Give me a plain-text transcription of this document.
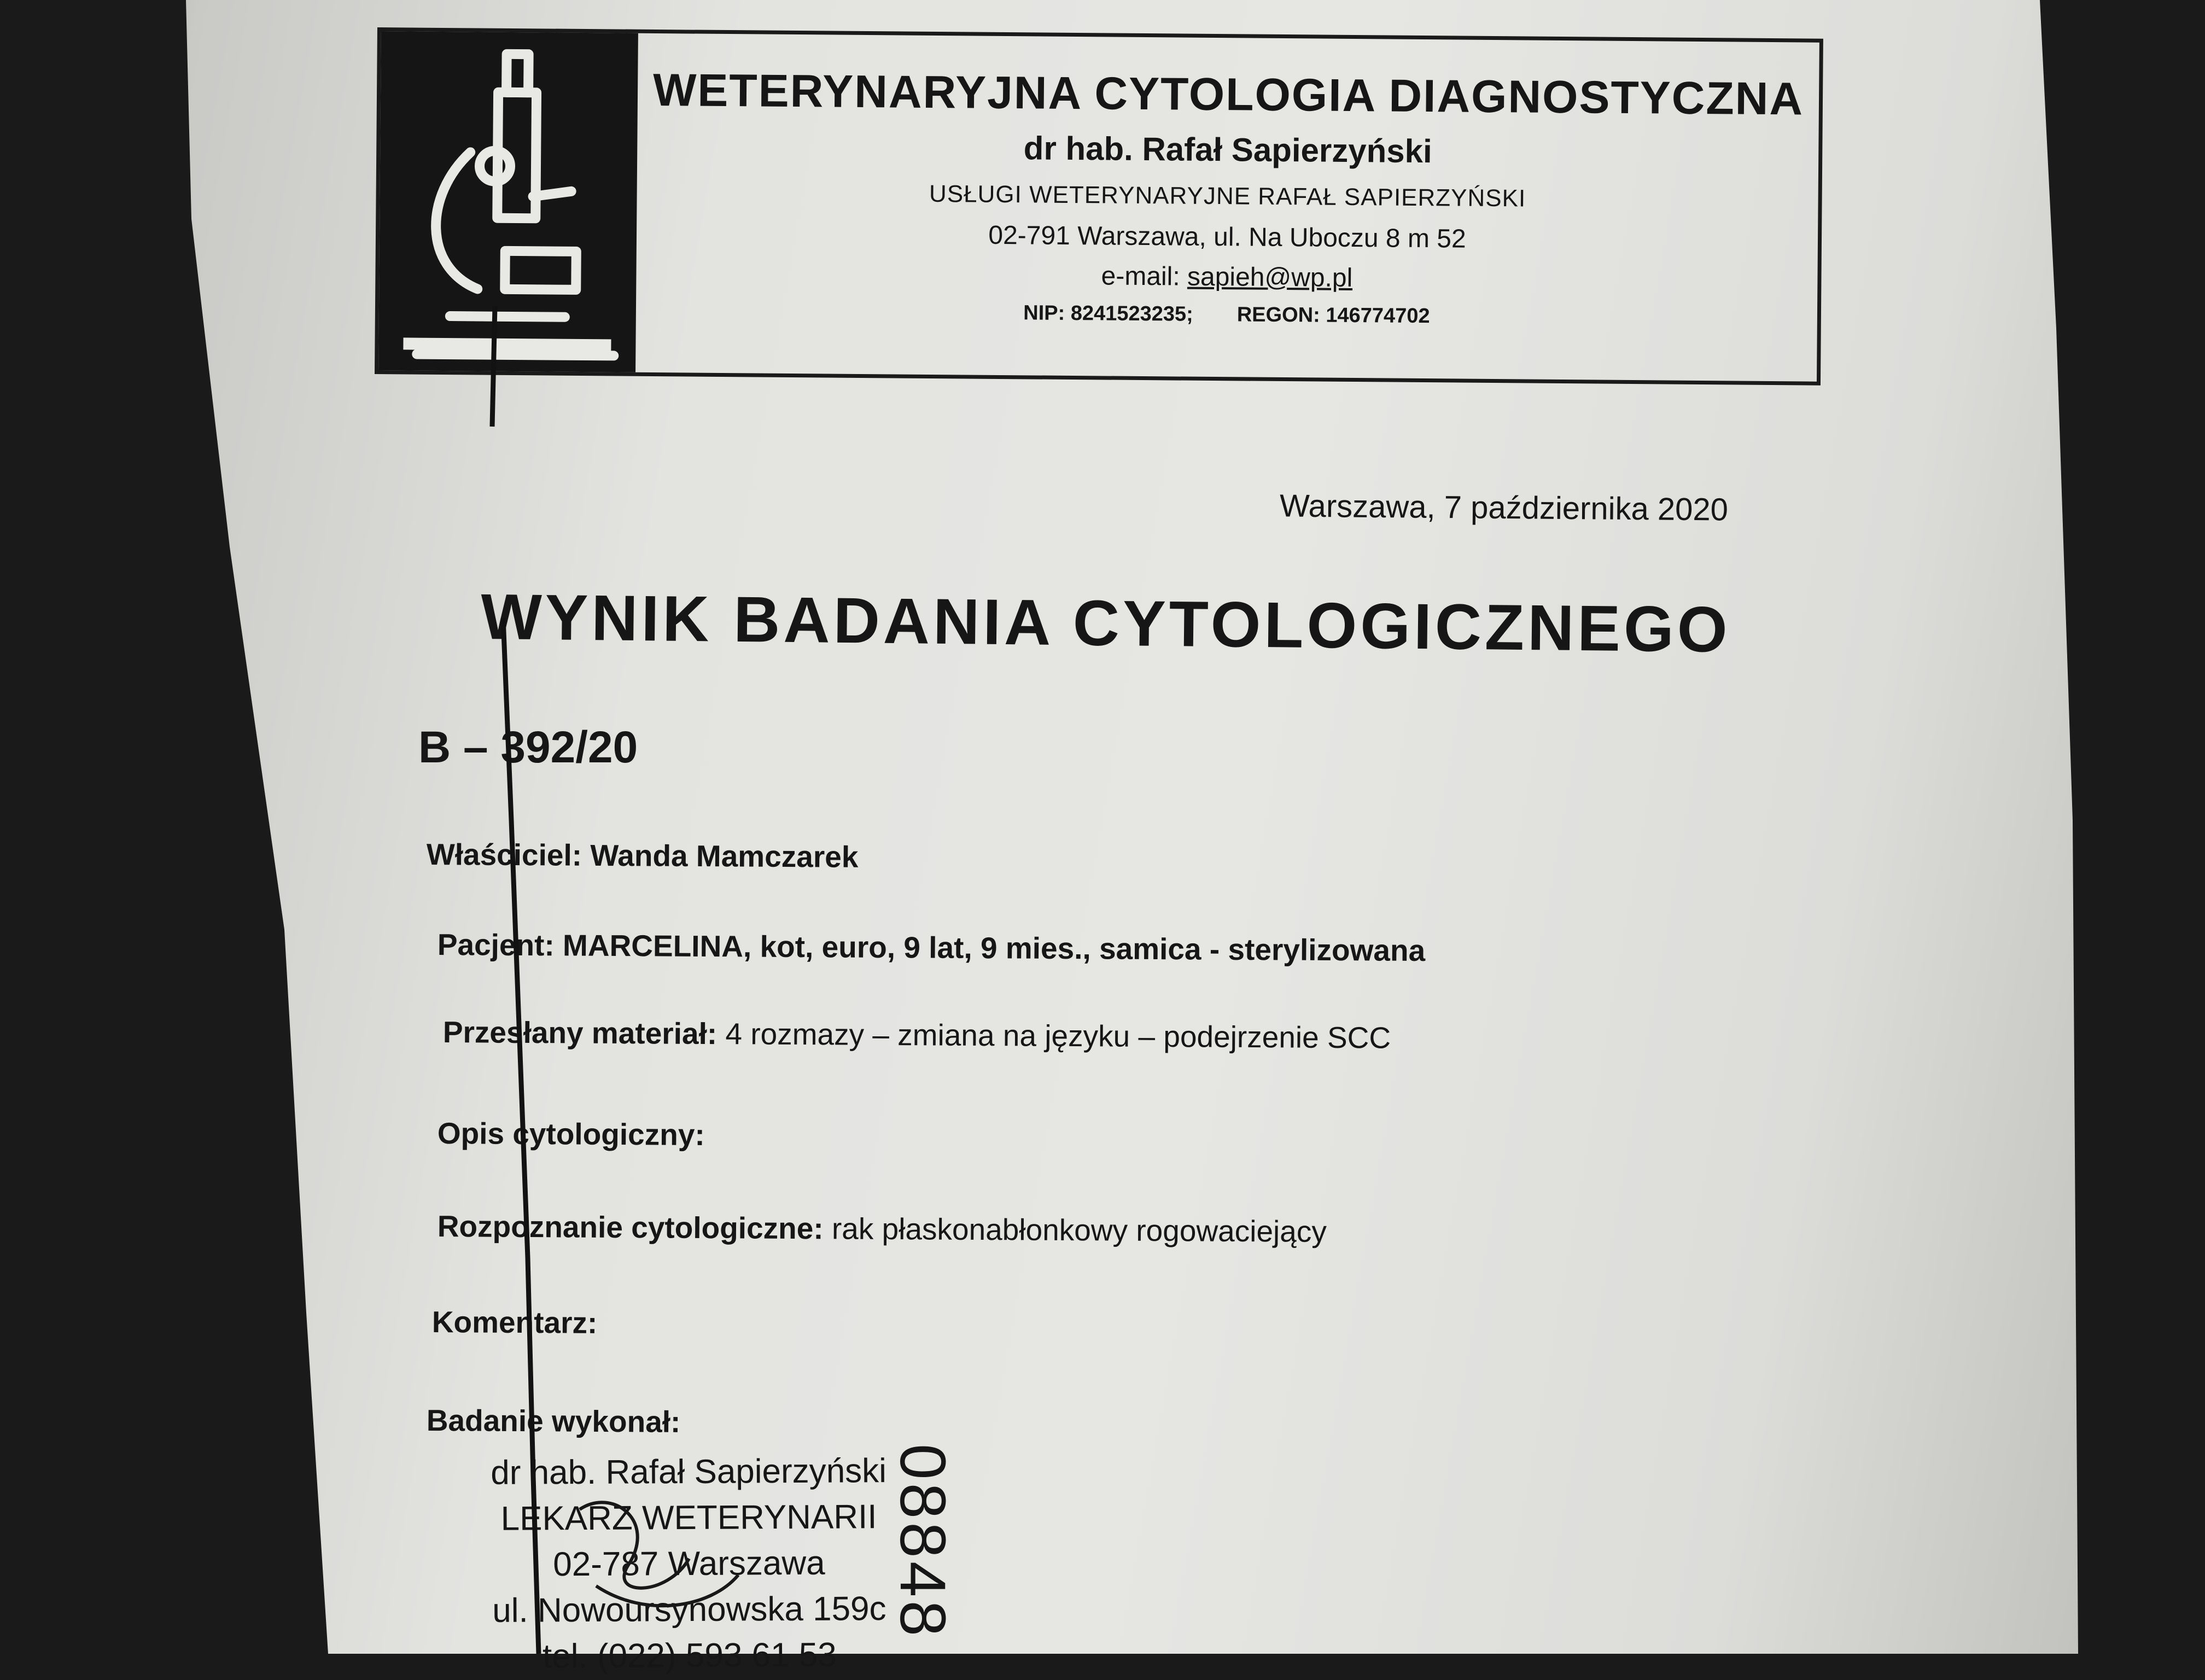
WETERYNARYJNA CYTOLOGIA DIAGNOSTYCZNA
dr hab. Rafał Sapierzyński
USŁUGI WETERYNARYJNE RAFAŁ SAPIERZYŃSKI
02-791 Warszawa, ul. Na Uboczu 8 m 52
e-mail: sapieh@wp.pl
NIP: 8241523235; REGON: 146774702
Warszawa, 7 października 2020
WYNIK BADANIA CYTOLOGICZNEGO
B – 392/20
Właściciel: Wanda Mamczarek
Pacjent: MARCELINA, kot, euro, 9 lat, 9 mies., samica - sterylizowana
Przesłany materiał: 4 rozmazy – zmiana na języku – podejrzenie SCC
Opis cytologiczny:
Rozpoznanie cytologiczne: rak płaskonabłonkowy rogowaciejący
Komentarz:
Badanie wykonał:
dr hab. Rafał Sapierzyński
LEKARZ WETERYNARII
02-787 Warszawa
ul. Nowoursynowska 159c
tel. (022) 593 61 53
08848
